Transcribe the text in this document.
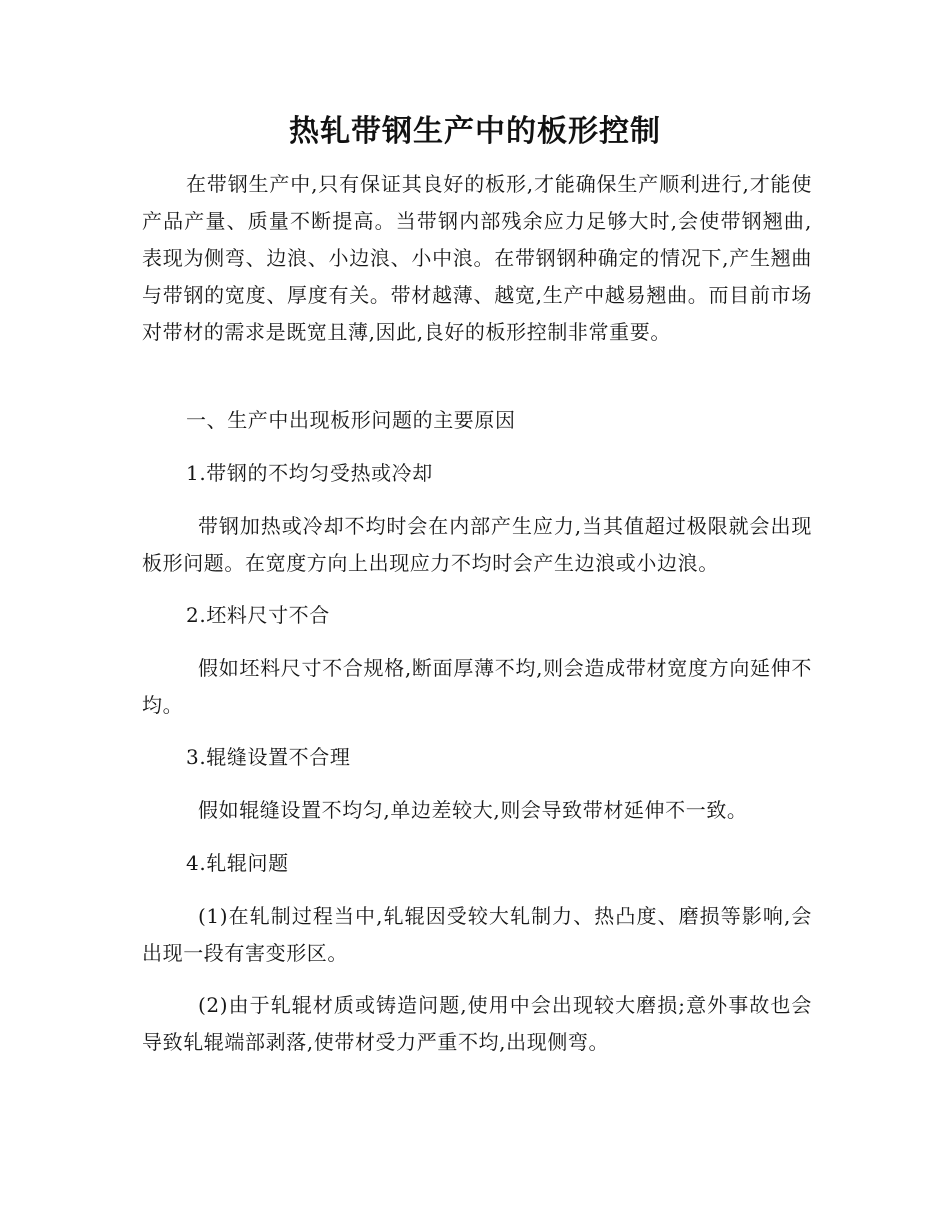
热轧带钢生产中的板形控制
在带钢生产中,只有保证其良好的板形,才能确保生产顺利进行,才能使产品产量、质量不断提高。当带钢内部残余应力足够大时,会使带钢翘曲,表现为侧弯、边浪、小边浪、小中浪。在带钢钢种确定的情况下,产生翘曲与带钢的宽度、厚度有关。带材越薄、越宽,生产中越易翘曲。而目前市场对带材的需求是既宽且薄,因此,良好的板形控制非常重要。
一、生产中出现板形问题的主要原因
1.带钢的不均匀受热或冷却
带钢加热或冷却不均时会在内部产生应力,当其值超过极限就会出现板形问题。在宽度方向上出现应力不均时会产生边浪或小边浪。
2.坯料尺寸不合
假如坯料尺寸不合规格,断面厚薄不均,则会造成带材宽度方向延伸不均。
3.辊缝设置不合理
假如辊缝设置不均匀,单边差较大,则会导致带材延伸不一致。
4.轧辊问题
(1)在轧制过程当中,轧辊因受较大轧制力、热凸度、磨损等影响,会出现一段有害变形区。
(2)由于轧辊材质或铸造问题,使用中会出现较大磨损;意外事故也会导致轧辊端部剥落,使带材受力严重不均,出现侧弯。
